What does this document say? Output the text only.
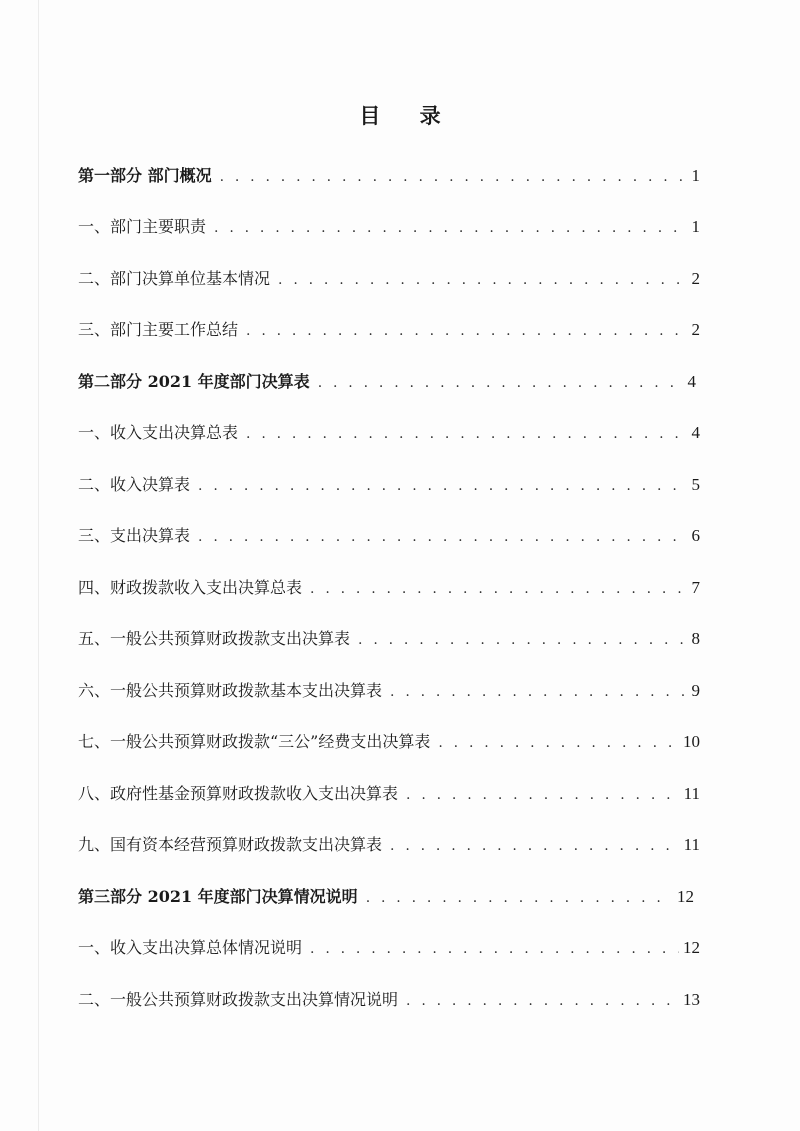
目 录
第一部分 部门概况 . . .	1
一、部门主要职责 . . .	1
二、部门决算单位基本情况 . . .	2
三、部门主要工作总结 . . .	2
第二部分 2021 年度部门决算表 . . .	4
一、收入支出决算总表 . . .	4
二、收入决算表 . . .	5
三、支出决算表 . . .	6
四、财政拨款收入支出决算总表 . . .	7
五、一般公共预算财政拨款支出决算表 . . .	8
六、一般公共预算财政拨款基本支出决算表 . . .	9
七、一般公共预算财政拨款“三公”经费支出决算表 . . .	10
八、政府性基金预算财政拨款收入支出决算表 . . .	11
九、国有资本经营预算财政拨款支出决算表 . . .	11
第三部分 2021 年度部门决算情况说明 . . .	12
一、收入支出决算总体情况说明 . . .	12
二、一般公共预算财政拨款支出决算情况说明 . . .	13
